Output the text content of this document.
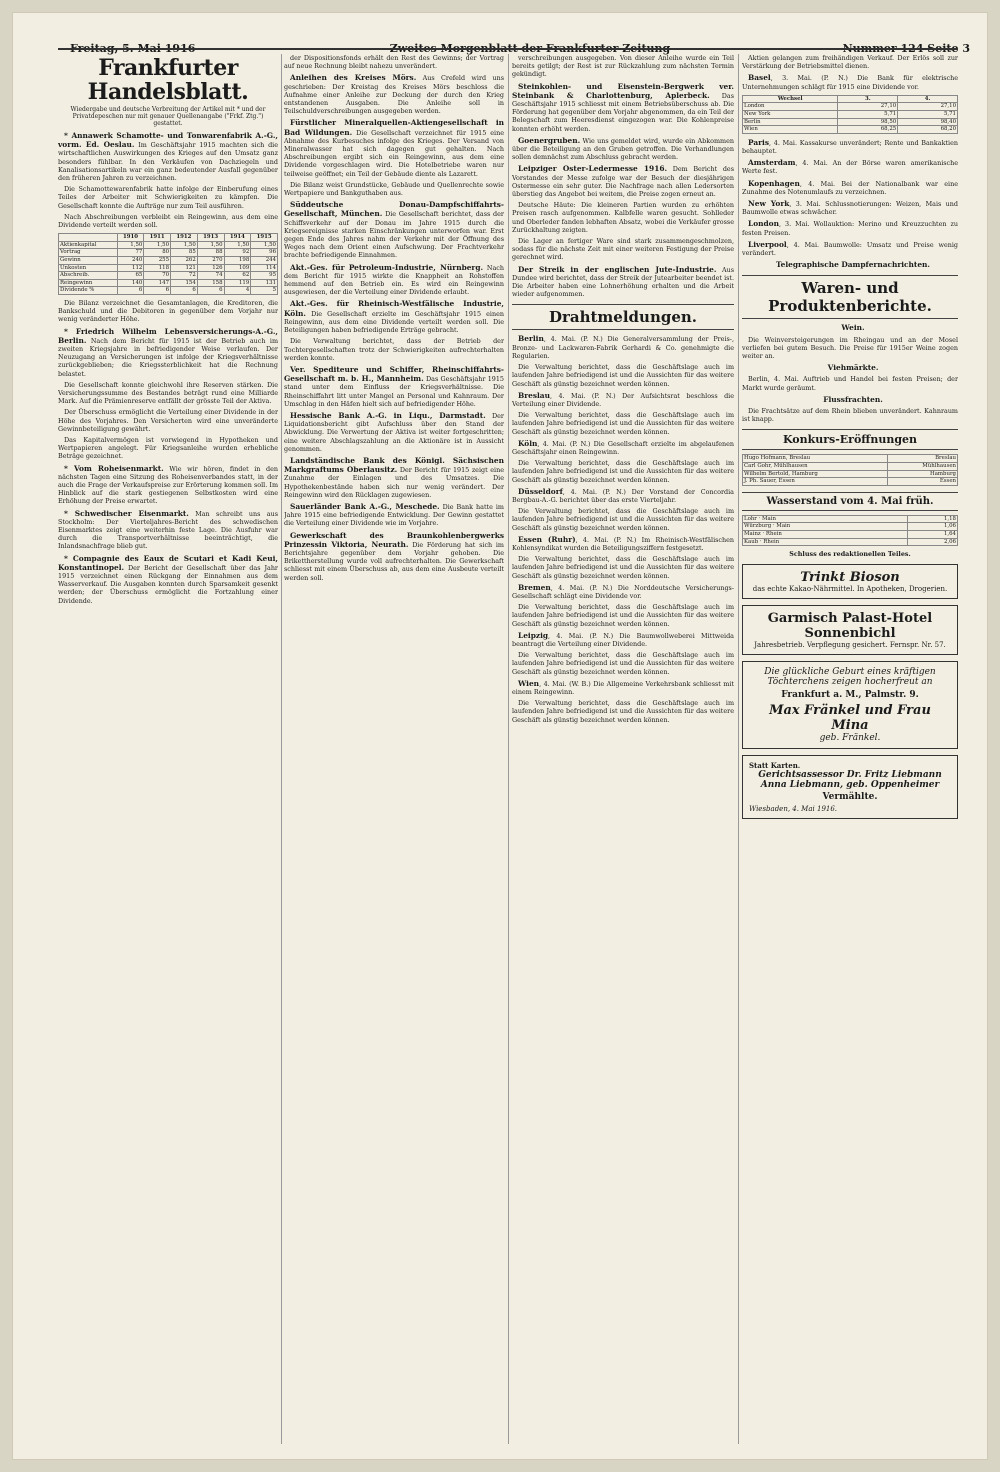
Freitag, 5. Mai 1916	Zweites Morgenblatt der Frankfurter Zeitung	Nummer 124 Seite 3
Frankfurter Handelsblatt.
Wiedergabe und deutsche Verbreitung der Artikel mit * und der Privatdepeschen nur mit genauer Quellenangabe ("Frkf. Ztg.") gestattet.

* Annawerk Schamotte- und Tonwarenfabrik A.-G., vorm. Ed. Oeslau. Im Geschäftsjahr 1915 machten sich die wirtschaftlichen Auswirkungen des Krieges auf den Umsatz ganz besonders fühlbar. In den Verkäufen von Dachziegeln und Kanalisationsartikeln war ein ganz bedeutender Ausfall gegenüber den früheren Jahren zu verzeichnen.

Die Schamottewarenfabrik hatte infolge der Einberufung eines Teiles der Arbeiter mit Schwierigkeiten zu kämpfen. Die Gesellschaft konnte die Aufträge nur zum Teil ausführen.

Nach Abschreibungen verbleibt ein Reingewinn, aus dem eine Dividende verteilt werden soll.

	1910	1911	1912	1913	1914	1915
Aktienkapital	1,50	1,50	1,50	1,50	1,50	1,50
Vortrag	77	80	85	88	92	96
Gewinn	240	255	262	270	198	244
Unkosten	112	118	121	126	109	114
Abschreib.	65	70	72	74	62	95
Reingewinn	140	147	154	158	119	131
Dividende %	6	6	6	6	4	5

Die Bilanz verzeichnet die Gesamtanlagen, die Kreditoren, die Bankschuld und die Debitoren in gegenüber dem Vorjahr nur wenig veränderter Höhe.

* Friedrich Wilhelm Lebensversicherungs-A.-G., Berlin. Nach dem Bericht für 1915 ist der Betrieb auch im zweiten Kriegsjahre in befriedigender Weise verlaufen. Der Neuzugang an Versicherungen ist infolge der Kriegsverhältnisse zurückgeblieben; die Kriegssterblichkeit hat die Rechnung belastet.

Die Gesellschaft konnte gleichwohl ihre Reserven stärken. Die Versicherungssumme des Bestandes beträgt rund eine Milliarde Mark. Auf die Prämienreserve entfällt der grösste Teil der Aktiva.

Der Überschuss ermöglicht die Verteilung einer Dividende in der Höhe des Vorjahres. Den Versicherten wird eine unveränderte Gewinnbeteiligung gewährt.

Das Kapitalvermögen ist vorwiegend in Hypotheken und Wertpapieren angelegt. Für Kriegsanleihe wurden erhebliche Beträge gezeichnet.

* Vom Roheisenmarkt. Wie wir hören, findet in den nächsten Tagen eine Sitzung des Roheisenverbandes statt, in der auch die Frage der Verkaufspreise zur Erörterung kommen soll. Im Hinblick auf die stark gestiegenen Selbstkosten wird eine Erhöhung der Preise erwartet.

* Schwedischer Eisenmarkt. Man schreibt uns aus Stockholm: Der Vierteljahres-Bericht des schwedischen Eisenmarktes zeigt eine weiterhin feste Lage. Die Ausfuhr war durch die Transportverhältnisse beeinträchtigt, die Inlandsnachfrage blieb gut.

* Compagnie des Eaux de Scutari et Kadi Keui, Konstantinopel. Der Bericht der Gesellschaft über das Jahr 1915 verzeichnet einen Rückgang der Einnahmen aus dem Wasserverkauf. Die Ausgaben konnten durch Sparsamkeit gesenkt werden; der Überschuss ermöglicht die Fortzahlung einer Dividende.

der Dispositionsfonds erhält den Rest des Gewinns; der Vortrag auf neue Rechnung bleibt nahezu unverändert.

Anleihen des Kreises Mörs. Aus Crefeld wird uns geschrieben: Der Kreistag des Kreises Mörs beschloss die Aufnahme einer Anleihe zur Deckung der durch den Krieg entstandenen Ausgaben. Die Anleihe soll in Teilschuldverschreibungen ausgegeben werden.

Fürstlicher Mineralquellen-Aktiengesellschaft in Bad Wildungen. Die Gesellschaft verzeichnet für 1915 eine Abnahme des Kurbesuches infolge des Krieges. Der Versand von Mineralwasser hat sich dagegen gut gehalten. Nach Abschreibungen ergibt sich ein Reingewinn, aus dem eine Dividende vorgeschlagen wird. Die Hotelbetriebe waren nur teilweise geöffnet; ein Teil der Gebäude diente als Lazarett.

Die Bilanz weist Grundstücke, Gebäude und Quellenrechte sowie Wertpapiere und Bankguthaben aus.

Süddeutsche Donau-Dampfschiffahrts-Gesellschaft, München. Die Gesellschaft berichtet, dass der Schiffsverkehr auf der Donau im Jahre 1915 durch die Kriegsereignisse starken Einschränkungen unterworfen war. Erst gegen Ende des Jahres nahm der Verkehr mit der Öffnung des Weges nach dem Orient einen Aufschwung. Der Frachtverkehr brachte befriedigende Einnahmen.

Akt.-Ges. für Petroleum-Industrie, Nürnberg. Nach dem Bericht für 1915 wirkte die Knappheit an Rohstoffen hemmend auf den Betrieb ein. Es wird ein Reingewinn ausgewiesen, der die Verteilung einer Dividende erlaubt.

Akt.-Ges. für Rheinisch-Westfälische Industrie, Köln. Die Gesellschaft erzielte im Geschäftsjahr 1915 einen Reingewinn, aus dem eine Dividende verteilt werden soll. Die Beteiligungen haben befriedigende Erträge gebracht.

Die Verwaltung berichtet, dass der Betrieb der Tochtergesellschaften trotz der Schwierigkeiten aufrechterhalten werden konnte.

Ver. Spediteure und Schiffer, Rheinschiffahrts-Gesellschaft m. b. H., Mannheim. Das Geschäftsjahr 1915 stand unter dem Einfluss der Kriegsverhältnisse. Die Rheinschiffahrt litt unter Mangel an Personal und Kahnraum. Der Umschlag in den Häfen hielt sich auf befriedigender Höhe.

Hessische Bank A.-G. in Liqu., Darmstadt. Der Liquidationsbericht gibt Aufschluss über den Stand der Abwicklung. Die Verwertung der Aktiva ist weiter fortgeschritten; eine weitere Abschlagszahlung an die Aktionäre ist in Aussicht genommen.

Landständische Bank des Königl. Sächsischen Markgraftums Oberlausitz. Der Bericht für 1915 zeigt eine Zunahme der Einlagen und des Umsatzes. Die Hypothekenbestände haben sich nur wenig verändert. Der Reingewinn wird den Rücklagen zugewiesen.

Sauerländer Bank A.-G., Meschede. Die Bank hatte im Jahre 1915 eine befriedigende Entwicklung. Der Gewinn gestattet die Verteilung einer Dividende wie im Vorjahre.

Gewerkschaft des Braunkohlenbergwerks Prinzessin Viktoria, Neurath. Die Förderung hat sich im Berichtsjahre gegenüber dem Vorjahr gehoben. Die Brikettherstellung wurde voll aufrechterhalten. Die Gewerkschaft schliesst mit einem Überschuss ab, aus dem eine Ausbeute verteilt werden soll.

verschreibungen ausgegeben. Von dieser Anleihe wurde ein Teil bereits getilgt; der Rest ist zur Rückzahlung zum nächsten Termin gekündigt.

Steinkohlen- und Eisenstein-Bergwerk ver. Steinbank & Charlottenburg, Aplerbeck. Das Geschäftsjahr 1915 schliesst mit einem Betriebsüberschuss ab. Die Förderung hat gegenüber dem Vorjahr abgenommen, da ein Teil der Belegschaft zum Heeresdienst eingezogen war. Die Kohlenpreise konnten erhöht werden.

Goenergruben. Wie uns gemeldet wird, wurde ein Abkommen über die Beteiligung an den Gruben getroffen. Die Verhandlungen sollen demnächst zum Abschluss gebracht werden.

Leipziger Oster-Ledermesse 1916. Dem Bericht des Vorstandes der Messe zufolge war der Besuch der diesjährigen Ostermesse ein sehr guter. Die Nachfrage nach allen Ledersorten überstieg das Angebot bei weitem, die Preise zogen erneut an.

Deutsche Häute: Die kleineren Partien wurden zu erhöhten Preisen rasch aufgenommen. Kalbfelle waren gesucht. Sohlleder und Oberleder fanden lebhaften Absatz, wobei die Verkäufer grosse Zurückhaltung zeigten.

Die Lager an fertiger Ware sind stark zusammengeschmolzen, sodass für die nächste Zeit mit einer weiteren Festigung der Preise gerechnet wird.

Der Streik in der englischen Jute-Industrie. Aus Dundee wird berichtet, dass der Streik der Jutearbeiter beendet ist. Die Arbeiter haben eine Lohnerhöhung erhalten und die Arbeit wieder aufgenommen.

Drahtmeldungen.

Berlin, 4. Mai. (P. N.) Die Generalversammlung der Preis-, Bronze- und Lackwaren-Fabrik Gerhardi & Co. genehmigte die Regularien.

Die Verwaltung berichtet, dass die Geschäftslage auch im laufenden Jahre befriedigend ist und die Aussichten für das weitere Geschäft als günstig bezeichnet werden können.

Breslau, 4. Mai. (P. N.) Der Aufsichtsrat beschloss die Verteilung einer Dividende.

Die Verwaltung berichtet, dass die Geschäftslage auch im laufenden Jahre befriedigend ist und die Aussichten für das weitere Geschäft als günstig bezeichnet werden können.

Köln, 4. Mai. (P. N.) Die Gesellschaft erzielte im abgelaufenen Geschäftsjahr einen Reingewinn.

Die Verwaltung berichtet, dass die Geschäftslage auch im laufenden Jahre befriedigend ist und die Aussichten für das weitere Geschäft als günstig bezeichnet werden können.

Düsseldorf, 4. Mai. (P. N.) Der Vorstand der Concordia Bergbau-A.-G. berichtet über das erste Vierteljahr.

Die Verwaltung berichtet, dass die Geschäftslage auch im laufenden Jahre befriedigend ist und die Aussichten für das weitere Geschäft als günstig bezeichnet werden können.

Essen (Ruhr), 4. Mai. (P. N.) Im Rheinisch-Westfälischen Kohlensyndikat wurden die Beteiligungsziffern festgesetzt.

Die Verwaltung berichtet, dass die Geschäftslage auch im laufenden Jahre befriedigend ist und die Aussichten für das weitere Geschäft als günstig bezeichnet werden können.

Bremen, 4. Mai. (P. N.) Die Norddeutsche Versicherungs-Gesellschaft schlägt eine Dividende vor.

Die Verwaltung berichtet, dass die Geschäftslage auch im laufenden Jahre befriedigend ist und die Aussichten für das weitere Geschäft als günstig bezeichnet werden können.

Leipzig, 4. Mai. (P. N.) Die Baumwollweberei Mittweida beantragt die Verteilung einer Dividende.

Die Verwaltung berichtet, dass die Geschäftslage auch im laufenden Jahre befriedigend ist und die Aussichten für das weitere Geschäft als günstig bezeichnet werden können.

Wien, 4. Mai. (W. B.) Die Allgemeine Verkehrsbank schliesst mit einem Reingewinn.

Die Verwaltung berichtet, dass die Geschäftslage auch im laufenden Jahre befriedigend ist und die Aussichten für das weitere Geschäft als günstig bezeichnet werden können.

Aktien gelangen zum freihändigen Verkauf. Der Erlös soll zur Verstärkung der Betriebsmittel dienen.

Basel, 3. Mai. (P. N.) Die Bank für elektrische Unternehmungen schlägt für 1915 eine Dividende vor.

Wechsel	3.	4.
London	27,10	27,10
New York	5,71	5,71
Berlin	98,50	98,40
Wien	68,25	68,20

Paris, 4. Mai. Kassakurse unverändert; Rente und Bankaktien behauptet.

Amsterdam, 4. Mai. An der Börse waren amerikanische Werte fest.

Kopenhagen, 4. Mai. Bei der Nationalbank war eine Zunahme des Notenumlaufs zu verzeichnen.

New York, 3. Mai. Schlussnotierungen: Weizen, Mais und Baumwolle etwas schwächer.

London, 3. Mai. Wollauktion: Merino und Kreuzzuchten zu festen Preisen.

Liverpool, 4. Mai. Baumwolle: Umsatz und Preise wenig verändert.

Telegraphische Dampfernachrichten.

Waren- und Produktenberichte.

Wein.

Die Weinversteigerungen im Rheingau und an der Mosel verliefen bei gutem Besuch. Die Preise für 1915er Weine zogen weiter an.

Viehmärkte.

Berlin, 4. Mai. Auftrieb und Handel bei festen Preisen; der Markt wurde geräumt.

Flussfrachten.

Die Frachtsätze auf dem Rhein blieben unverändert. Kahnraum ist knapp.

Konkurs-Eröffnungen
Hugo Hofmann, Breslau	Breslau
Carl Gohr, Mühlhausen	Mühlhausen
Wilhelm Bertold, Hamburg	Hamburg
J. Ph. Sauer, Essen	Essen
Wasserstand vom 4. Mai früh.
Lohr · Main	1,18
Würzburg · Main	1,06
Mainz · Rhein	1,64
Kaub · Rhein	2,06
Schluss des redaktionellen Teiles.
Trinkt Bioson
das echte Kakao-Nährmittel. In Apotheken, Drogerien.
Garmisch Palast-Hotel Sonnenbichl
Jahresbetrieb. Verpflegung gesichert. Fernspr. Nr. 57.
Die glückliche Geburt eines kräftigen Töchterchens zeigen hocherfreut an
Frankfurt a. M., Palmstr. 9.
Max Fränkel und Frau Mina
geb. Fränkel.
Statt Karten.
Gerichtsassessor Dr. Fritz Liebmann
Anna Liebmann, geb. Oppenheimer
Vermählte.
Wiesbaden, 4. Mai 1916.
